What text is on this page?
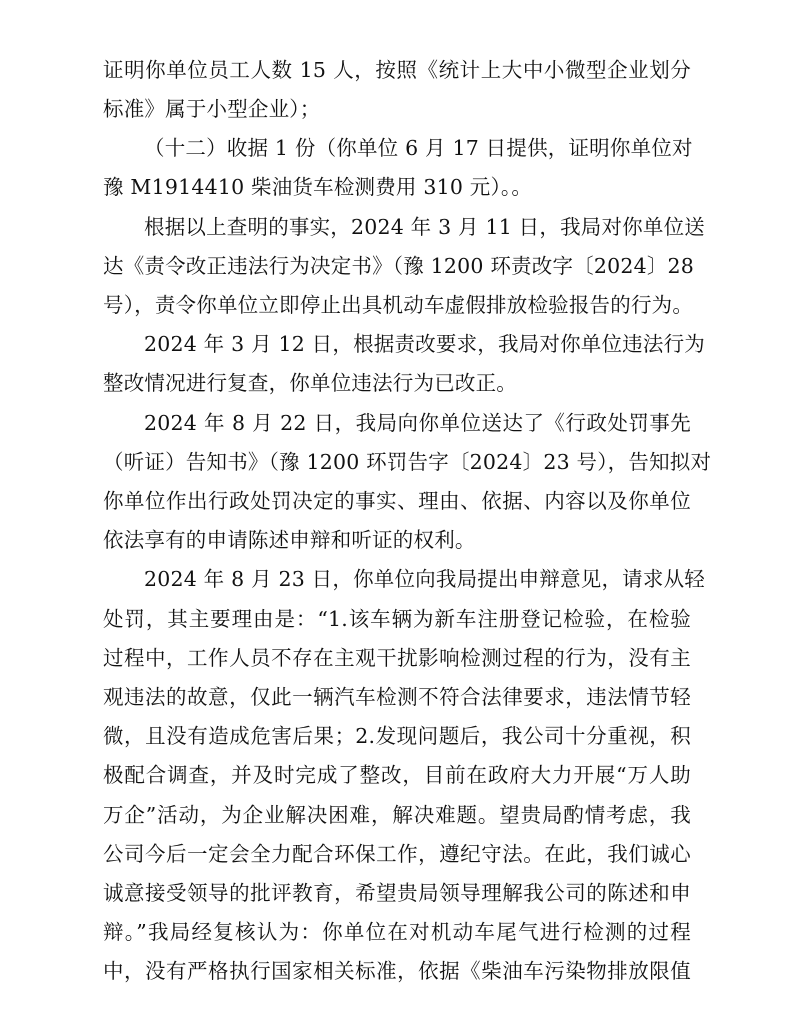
证明你单位员工人数 15 人，按照《统计上大中小微型企业划分
标准》属于小型企业）；
（十二）收据 1 份（你单位 6 月 17 日提供，证明你单位对
豫 M1914410 柴油货车检测费用 310 元）。。
根据以上查明的事实，2024 年 3 月 11 日，我局对你单位送
达《责令改正违法行为决定书》（豫 1200 环责改字〔2024〕28
号），责令你单位立即停止出具机动车虚假排放检验报告的行为。
2024 年 3 月 12 日，根据责改要求，我局对你单位违法行为
整改情况进行复查，你单位违法行为已改正。
2024 年 8 月 22 日，我局向你单位送达了《行政处罚事先
（听证）告知书》（豫 1200 环罚告字〔2024〕23 号），告知拟对
你单位作出行政处罚决定的事实、理由、依据、内容以及你单位
依法享有的申请陈述申辩和听证的权利。
2024 年 8 月 23 日，你单位向我局提出申辩意见，请求从轻
处罚，其主要理由是：“1.该车辆为新车注册登记检验，在检验
过程中，工作人员不存在主观干扰影响检测过程的行为，没有主
观违法的故意，仅此一辆汽车检测不符合法律要求，违法情节轻
微，且没有造成危害后果；2.发现问题后，我公司十分重视，积
极配合调查，并及时完成了整改，目前在政府大力开展“万人助
万企”活动，为企业解决困难，解决难题。望贵局酌情考虑，我
公司今后一定会全力配合环保工作，遵纪守法。在此，我们诚心
诚意接受领导的批评教育，希望贵局领导理解我公司的陈述和申
辩。”我局经复核认为：你单位在对机动车尾气进行检测的过程
中，没有严格执行国家相关标准，依据《柴油车污染物排放限值
